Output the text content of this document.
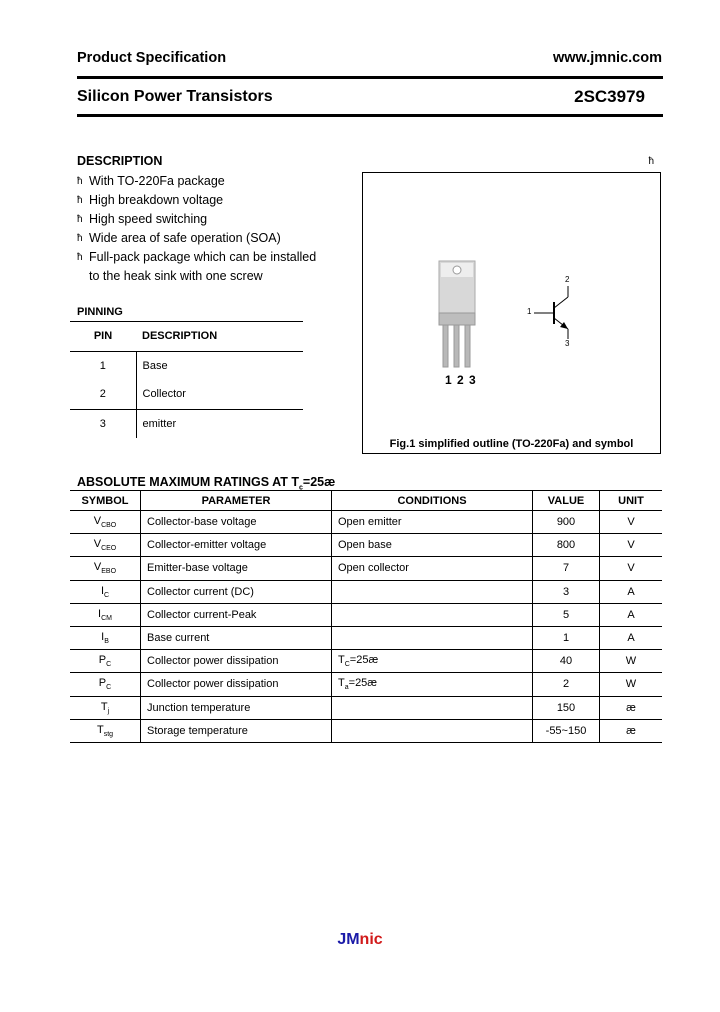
Product Specification	www.jmnic.com
Silicon Power Transistors	2SC3979
DESCRIPTION	ħ
ħ With TO-220Fa package
ħ High breakdown voltage
ħ High speed switching
ħ Wide area of safe operation (SOA)
ħ Full-pack package which can be installed
to the heak sink with one screw
PINNING
PIN	DESCRIPTION
1	Base
2	Collector
3	emitter
1 2 3
1
2
3
Fig.1 simplified outline (TO-220Fa) and symbol
ABSOLUTE MAXIMUM RATINGS AT $T_c=25æ$
SYMBOL	PARAMETER	CONDITIONS	VALUE	UNIT
$V_{CBO}$	Collector-base voltage	Open emitter	900	V
$V_{CEO}$	Collector-emitter voltage	Open base	800	V
$V_{EBO}$	Emitter-base voltage	Open collector	7	V
$I_C$	Collector current (DC)		3	A
$I_{CM}$	Collector current-Peak		5	A
$I_B$	Base current		1	A
$P_C$	Collector power dissipation	$T_C=25æ$	40	W
$P_C$	Collector power dissipation	$T_a=25æ$	2	W
$T_j$	Junction temperature		150	æ
$T_{stg}$	Storage temperature		-55~150	æ
JMnic
